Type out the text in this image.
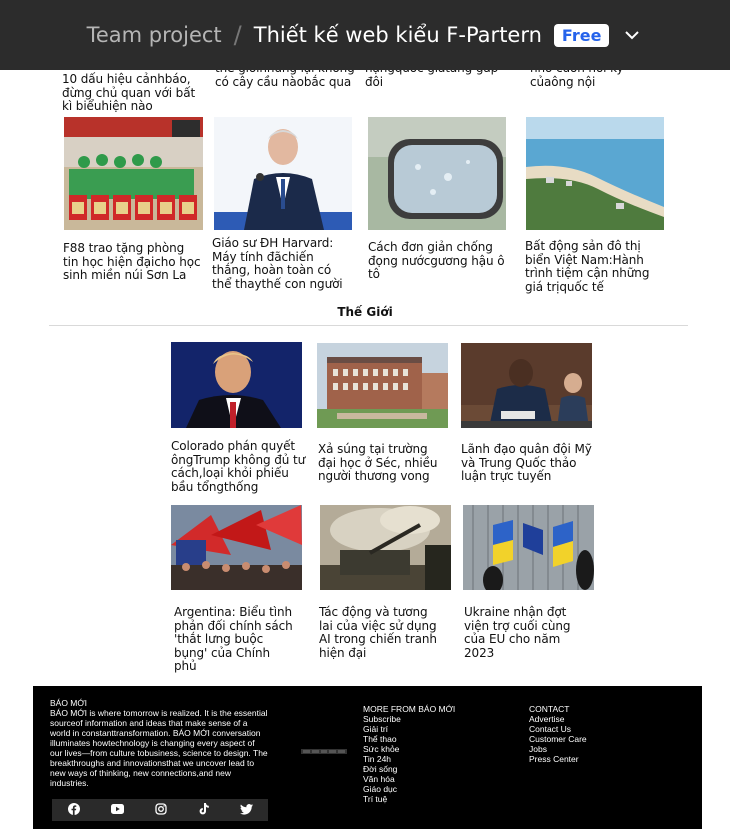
Team project / Thiết kế web kiểu F-Partern	Free
10 dấu hiệu cảnhbáo, đừng chủ quan với bất kì biểuhiện nào
có cây cầu nàobắc qua	đôi	củaông nội
F88 trao tặng phòng tin học hiện đạicho học sinh miền núi Sơn La
Giáo sư ĐH Harvard: Máy tính đãchiến thắng, hoàn toàn có thể thaythế con người
Cách đơn giản chống đọng nướcgương hậu ô tô
Bất động sản đô thị biển Việt Nam:Hành trình tiệm cận những giá trịquốc tế
Thế Giới
Colorado phán quyết ôngTrump không đủ tư cách,loại khỏi phiếu bầu tổngthống
Xả súng tại trường đại học ở Séc, nhiều người thương vong
Lãnh đạo quân đội Mỹ và Trung Quốc thảo luận trực tuyến
Argentina: Biểu tình phản đối chính sách 'thắt lưng buộc bụng' của Chính phủ
Tác động và tương lai của việc sử dụng AI trong chiến tranh hiện đại
Ukraine nhận đợt viện trợ cuối cùng của EU cho năm 2023
BÁO MỚI
BÁO MỚI is where tomorrow is realized. It is the essential sourceof information and ideas that make sense of a world in constanttransformation. BÁO MỚI conversation illuminates howtechnology is changing every aspect of our lives—from culture tobusiness, science to design. The breakthroughs and innovationsthat we uncover lead to new ways of thinking, new connections,and new industries.
MORE FROM BÁO MỚI
Subscribe
Giải trí
Thể thao
Sức khỏe
Tin 24h
Đời sống
Văn hóa
Giáo dục
Trí tuệ
CONTACT
Advertise
Contact Us
Customer Care
Jobs
Press Center
